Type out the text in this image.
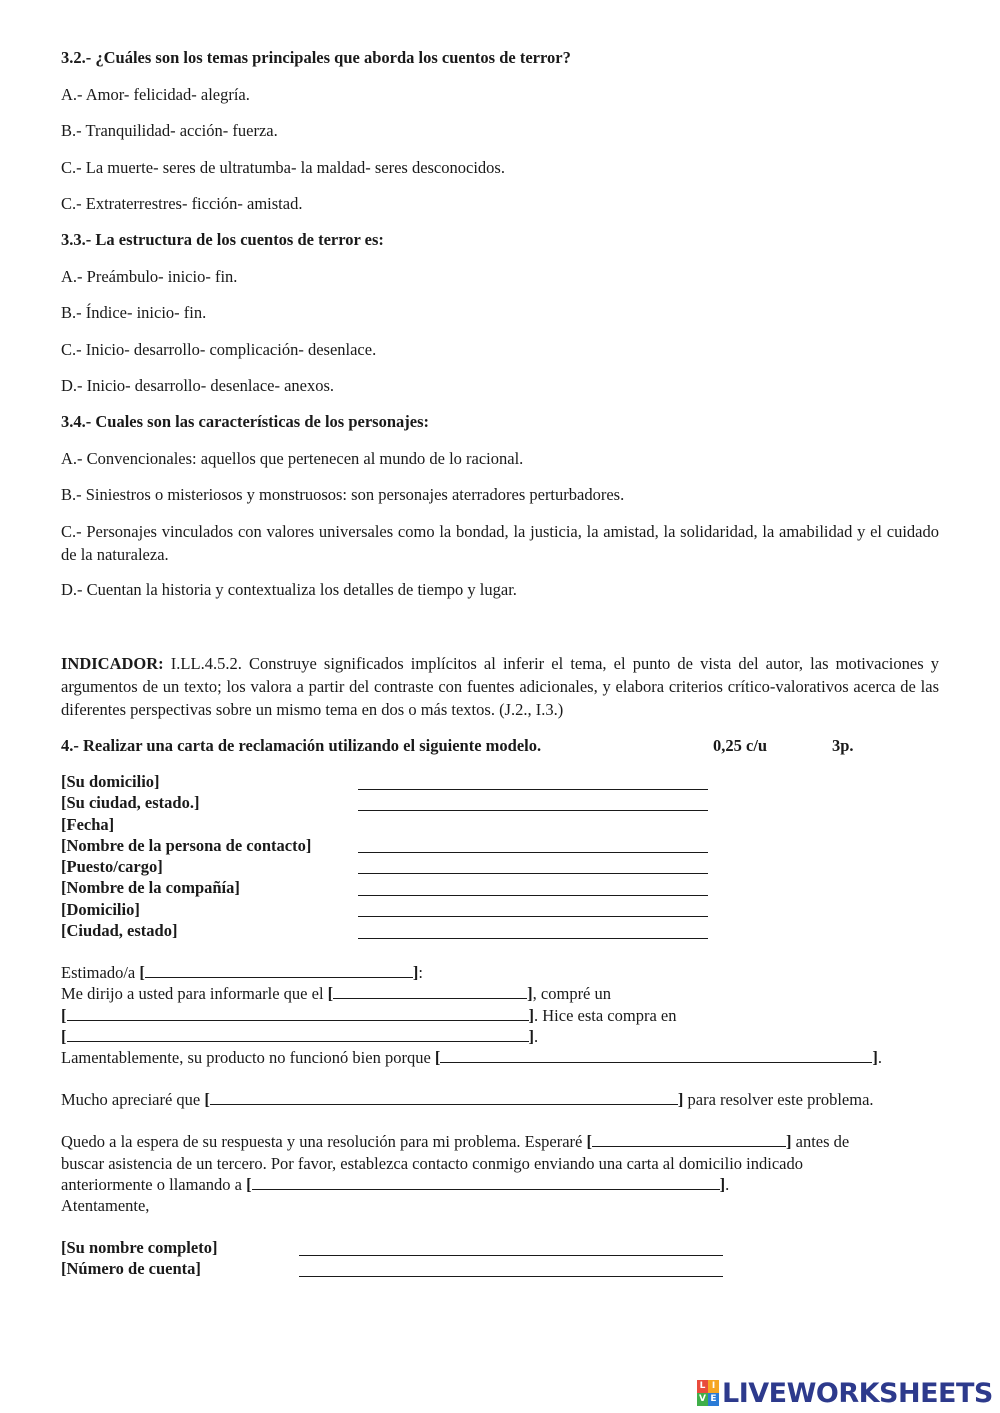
3.2.- ¿Cuáles son los temas principales que aborda los cuentos de terror?

A.- Amor- felicidad- alegría.

B.- Tranquilidad- acción- fuerza.

C.- La muerte- seres de ultratumba- la maldad- seres desconocidos.

C.- Extraterrestres- ficción- amistad.

3.3.- La estructura de los cuentos de terror es:

A.- Preámbulo- inicio- fin.

B.- Índice- inicio- fin.

C.- Inicio- desarrollo- complicación- desenlace.

D.- Inicio- desarrollo- desenlace- anexos.

3.4.- Cuales son las características de los personajes:

A.- Convencionales: aquellos que pertenecen al mundo de lo racional.

B.- Siniestros o misteriosos y monstruosos: son personajes aterradores perturbadores.

C.- Personajes vinculados con valores universales como la bondad, la justicia, la amistad, la solidaridad, la amabilidad y el cuidado de la naturaleza.

D.- Cuentan la historia y contextualiza los detalles de tiempo y lugar.

INDICADOR: I.LL.4.5.2. Construye significados implícitos al inferir el tema, el punto de vista del autor, las motivaciones y argumentos de un texto; los valora a partir del contraste con fuentes adicionales, y elabora criterios crítico-valorativos acerca de las diferentes perspectivas sobre un mismo tema en dos o más textos. (J.2., I.3.)

4.- Realizar una carta de reclamación utilizando el siguiente modelo.	0,25 c/u	3p.
[Su domicilio]
[Su ciudad, estado.]
[Fecha]
[Nombre de la persona de contacto]
[Puesto/cargo]
[Nombre de la compañía]
[Domicilio]
[Ciudad, estado]

Estimado/a [	]:

Me dirijo a usted para informarle que el [	], compré un

[	]. Hice esta compra en

[	].

Lamentablemente, su producto no funcionó bien porque [	].

Mucho apreciaré que [	] para resolver este problema.

Quedo a la espera de su respuesta y una resolución para mi problema. Esperaré [	] antes de

buscar asistencia de un tercero. Por favor, establezca contacto conmigo enviando una carta al domicilio indicado

anteriormente o llamando a [	].

Atentamente,

[Su nombre completo]
[Número de cuenta]
L I
V E LIVEWORKSHEETS
